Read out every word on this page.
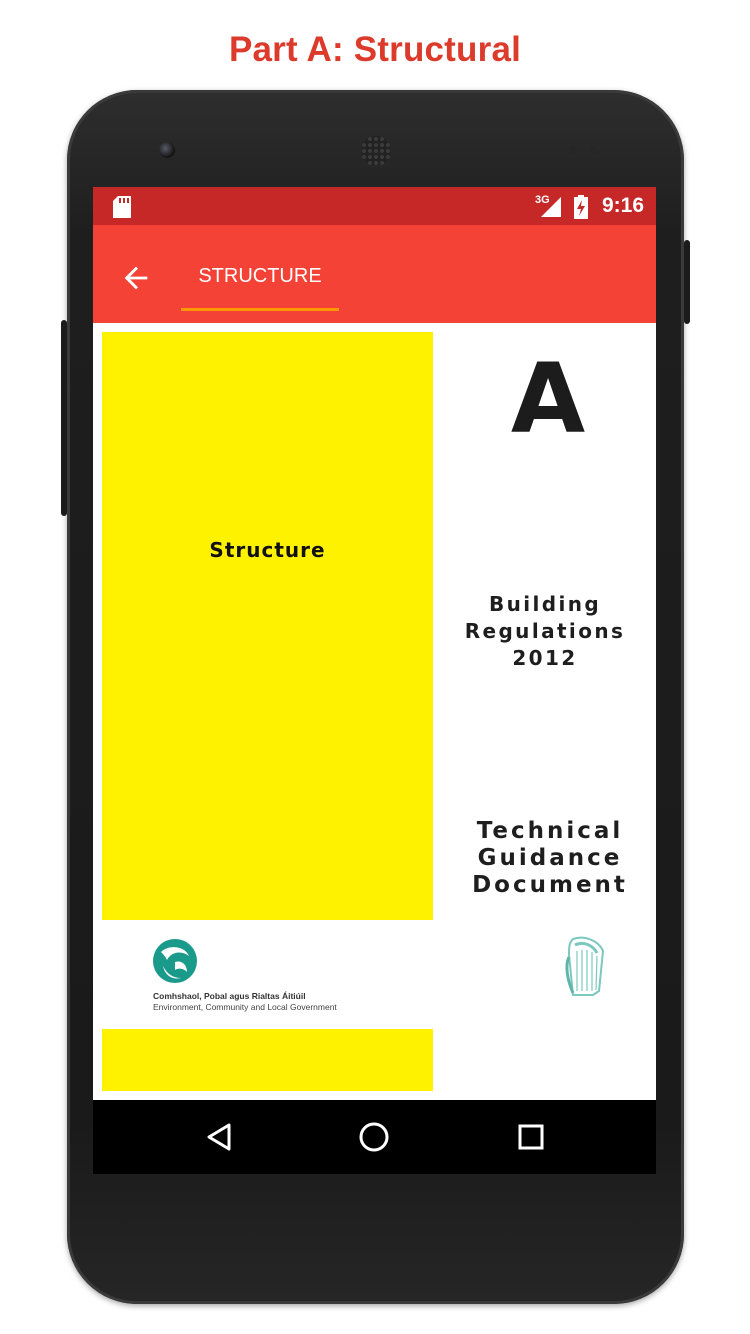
Part A: Structural
3G 9:16
STRUCTURE
Structure
A
Building
Regulations
2012
Technical
Guidance
Document
Comhshaol, Pobal agus Rialtas Áitiúil
Environment, Community and Local Government
